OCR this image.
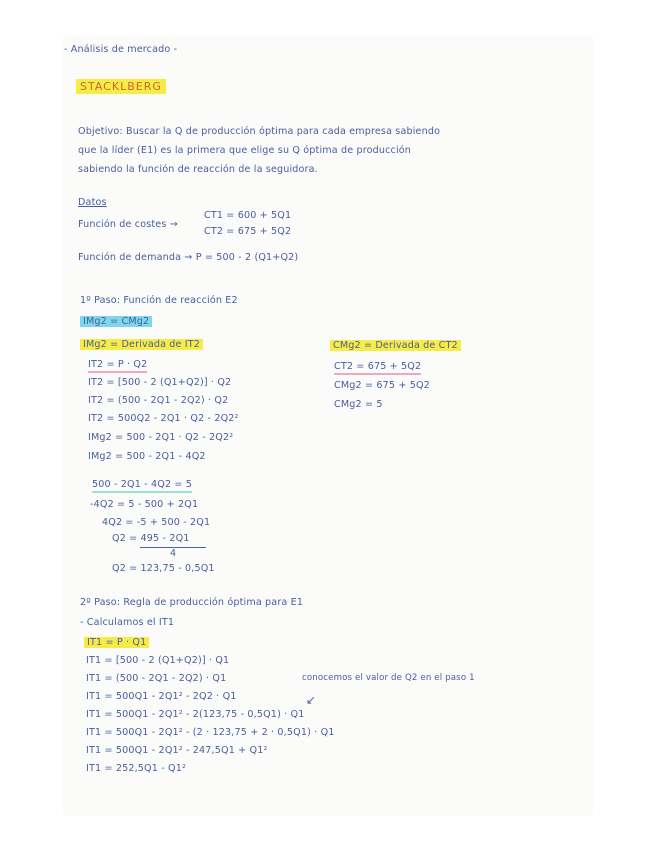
- Análisis de mercado -
STACKLBERG
Objetivo: Buscar la Q de producción óptima para cada empresa sabiendo
que la líder (E1) es la primera que elige su Q óptima de producción
sabiendo la función de reacción de la seguidora.
Datos
Función de costes →
CT1 = 600 + 5Q1
CT2 = 675 + 5Q2
Función de demanda → P = 500 - 2 (Q1+Q2)
1º Paso: Función de reacción E2
IMg2 = CMg2
IMg2 = Derivada de IT2
IT2 = P · Q2
IT2 = [500 - 2 (Q1+Q2)] · Q2
IT2 = (500 - 2Q1 - 2Q2) · Q2
IT2 = 500Q2 - 2Q1 · Q2 - 2Q2²
IMg2 = 500 - 2Q1 · Q2 - 2Q2²
IMg2 = 500 - 2Q1 - 4Q2
CMg2 = Derivada de CT2
CT2 = 675 + 5Q2
CMg2 = 675 + 5Q2
CMg2 = 5
500 - 2Q1 - 4Q2 = 5
-4Q2 = 5 - 500 + 2Q1
4Q2 = -5 + 500 - 2Q1
Q2 = 495 - 2Q1
4
Q2 = 123,75 - 0,5Q1
2º Paso: Regla de producción óptima para E1
- Calculamos el IT1
IT1 = P · Q1
IT1 = [500 - 2 (Q1+Q2)] · Q1
IT1 = (500 - 2Q1 - 2Q2) · Q1
IT1 = 500Q1 - 2Q1² - 2Q2 · Q1
IT1 = 500Q1 - 2Q1² - 2(123,75 - 0,5Q1) · Q1
IT1 = 500Q1 - 2Q1² - (2 · 123,75 + 2 · 0,5Q1) · Q1
IT1 = 500Q1 - 2Q1² - 247,5Q1 + Q1²
IT1 = 252,5Q1 - Q1²
conocemos el valor de Q2 en el paso 1
↙
